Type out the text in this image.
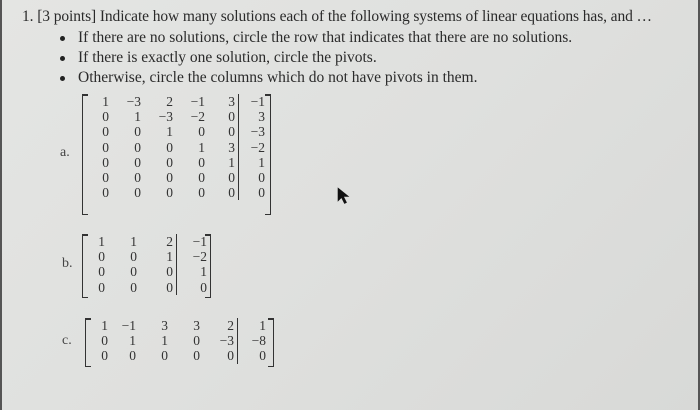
1. [3 points] Indicate how many solutions each of the following systems of linear equations has, and …
If there are no solutions, circle the row that indicates that there are no solutions.
If there is exactly one solution, circle the pivots.
Otherwise, circle the columns which do not have pivots in them.
a.
1	−3	2	−1	3	−1
0	1	−3	−2	0	3
0	0	1	0	0	−3
0	0	0	1	3	−2
0	0	0	0	1	1
0	0	0	0	0	0
0	0	0	0	0	0
b.
1	1	2	−1
0	0	1	−2
0	0	0	1
0	0	0	0
c.
1	−1	3	3	2	1
0	1	1	0	−3	−8
0	0	0	0	0	0
